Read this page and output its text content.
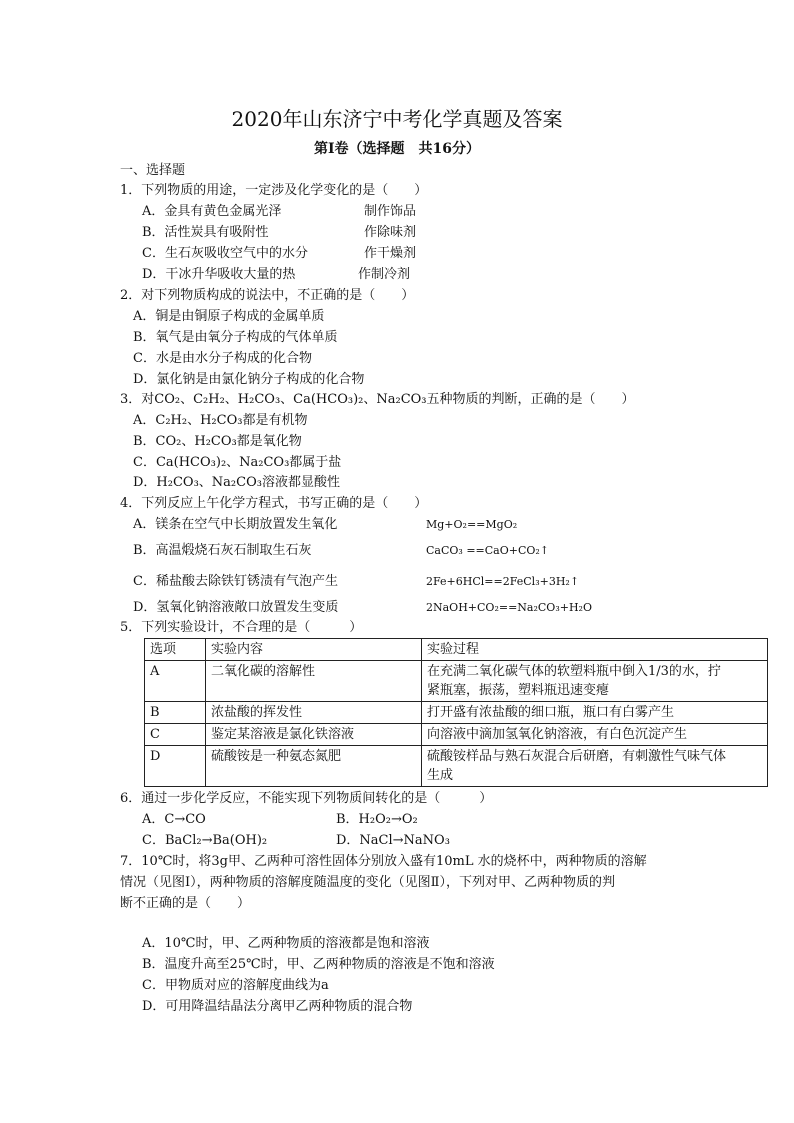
2020年山东济宁中考化学真题及答案
第Ⅰ卷（选择题　共16分）
一、选择题
1．下列物质的用途，一定涉及化学变化的是（　　）
A．金具有黄色金属光泽	制作饰品
B．活性炭具有吸附性	作除味剂
C．生石灰吸收空气中的水分	作干燥剂
D．干冰升华吸收大量的热	作制冷剂
2．对下列物质构成的说法中，不正确的是（　　）
A．铜是由铜原子构成的金属单质
B．氧气是由氧分子构成的气体单质
C．水是由水分子构成的化合物
D．氯化钠是由氯化钠分子构成的化合物
3．对CO₂、C₂H₂、H₂CO₃、Ca(HCO₃)₂、Na₂CO₃五种物质的判断，正确的是（　　）
A．C₂H₂、H₂CO₃都是有机物
B．CO₂、H₂CO₃都是氧化物
C．Ca(HCO₃)₂、Na₂CO₃都属于盐
D．H₂CO₃、Na₂CO₃溶液都显酸性
4．下列反应上午化学方程式，书写正确的是（　　）
A．镁条在空气中长期放置发生氧化	Mg+O₂==MgO₂
B．高温煅烧石灰石制取生石灰	CaCO₃ ==CaO+CO₂↑
C．稀盐酸去除铁钉锈渍有气泡产生	2Fe+6HCl==2FeCl₃+3H₂↑
D．氢氧化钠溶液敞口放置发生变质	2NaOH+CO₂==Na₂CO₃+H₂O
5．下列实验设计，不合理的是（　　　）
选项	实验内容	实验过程
A	二氧化碳的溶解性	在充满二氧化碳气体的软塑料瓶中倒入1/3的水，拧
紧瓶塞，振荡，塑料瓶迅速变瘪

B	浓盐酸的挥发性	打开盛有浓盐酸的细口瓶，瓶口有白雾产生
C	鉴定某溶液是氯化铁溶液	向溶液中滴加氢氧化钠溶液，有白色沉淀产生
D	硫酸铵是一种氨态氮肥	硫酸铵样品与熟石灰混合后研磨，有刺激性气味气体
生成
6．通过一步化学反应，不能实现下列物质间转化的是（　　　）
A．C→CO	B．H₂O₂→O₂
C．BaCl₂→Ba(OH)₂	D．NaCl→NaNO₃
7．10℃时，将3g甲、乙两种可溶性固体分别放入盛有10mL 水的烧杯中，两种物质的溶解
情况（见图Ⅰ），两种物质的溶解度随温度的变化（见图Ⅱ），下列对甲、乙两种物质的判
断不正确的是（　　）
A．10℃时，甲、乙两种物质的溶液都是饱和溶液
B．温度升高至25℃时，甲、乙两种物质的溶液是不饱和溶液
C．甲物质对应的溶解度曲线为a
D．可用降温结晶法分离甲乙两种物质的混合物
